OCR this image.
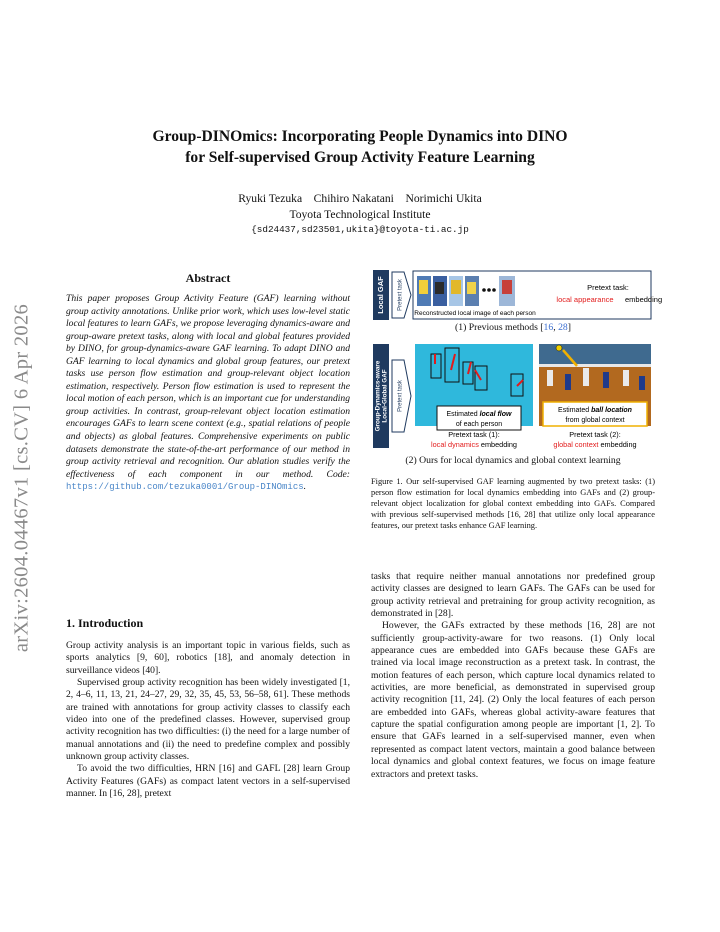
arXiv:2604.04467v1 [cs.CV] 6 Apr 2026
Group-DINOmics: Incorporating People Dynamics into DINO
for Self-supervised Group Activity Feature Learning
Ryuki Tezuka    Chihiro Nakatani    Norimichi Ukita
Toyota Technological Institute
{sd24437,sd23501,ukita}@toyota-ti.ac.jp
Abstract
This paper proposes Group Activity Feature (GAF) learning without group activity annotations. Unlike prior work, which uses low-level static local features to learn GAFs, we propose leveraging dynamics-aware and group-aware pretext tasks, along with local and global features provided by DINO, for group-dynamics-aware GAF learning. To adapt DINO and GAF learning to local dynamics and global group features, our pretext tasks use person flow estimation and group-relevant object location estimation, respectively. Person flow estimation is used to represent the local motion of each person, which is an important cue for understanding group activities. In contrast, group-relevant object location estimation encourages GAFs to learn scene context (e.g., spatial relations of people and objects) as global features. Comprehensive experiments on public datasets demonstrate the state-of-the-art performance of our method in group activity retrieval and recognition. Our ablation studies verify the effectiveness of each component in our method. Code: https://github.com/tezuka0001/Group-DINOmics.
1. Introduction

Group activity analysis is an important topic in various fields, such as sports analytics [9, 60], robotics [18], and anomaly detection in surveillance videos [40].

Supervised group activity recognition has been widely investigated [1, 2, 4–6, 11, 13, 21, 24–27, 29, 32, 35, 45, 53, 56–58, 61]. These methods are trained with annotations for group activity classes to classify each video into one of the predefined classes. However, supervised group activity recognition has two difficulties: (i) the need for a large number of manual annotations and (ii) the need to predefine complex and possibly unknown group activity classes.

To avoid the two difficulties, HRN [16] and GAFL [28] learn Group Activity Features (GAFs) as compact latent vectors in a self-supervised manner. In [16, 28], pretext

Local GAF Pretext task
Reconstructed local image of each person
Pretext task:
local appearance embedding
(1) Previous methods [16, 28]
Group-Dynamics-aware Local-Global GAF Pretext task
Estimated local flow
of each person
Estimated ball location
from global context
Pretext task (1):
local dynamics embedding
Pretext task (2):
global context embedding
(2) Ours for local dynamics and global context learning
Figure 1. Our self-supervised GAF learning augmented by two pretext tasks: (1) person flow estimation for local dynamics embedding into GAFs and (2) group-relevant object localization for global context embedding into GAFs. Compared with previous self-supervised methods [16, 28] that utilize only local appearance features, our pretext tasks enhance GAF learning.

tasks that require neither manual annotations nor predefined group activity classes are designed to learn GAFs. The GAFs can be used for group activity retrieval and pretraining for group activity recognition, as demonstrated in [28].

However, the GAFs extracted by these methods [16, 28] are not sufficiently group-activity-aware for two reasons. (1) Only local appearance cues are embedded into GAFs because these GAFs are trained via local image reconstruction as a pretext task. In contrast, the motion features of each person, which capture local dynamics related to activities, are more beneficial, as demonstrated in supervised group activity recognition [11, 24]. (2) Only the local features of each person are embedded into GAFs, whereas global activity-aware features that capture the spatial configuration among people are important [1, 2]. To ensure that GAFs learned in a self-supervised manner, even when represented as compact latent vectors, maintain a good balance between local dynamics and global context features, we focus on image feature extractors and pretext tasks.
